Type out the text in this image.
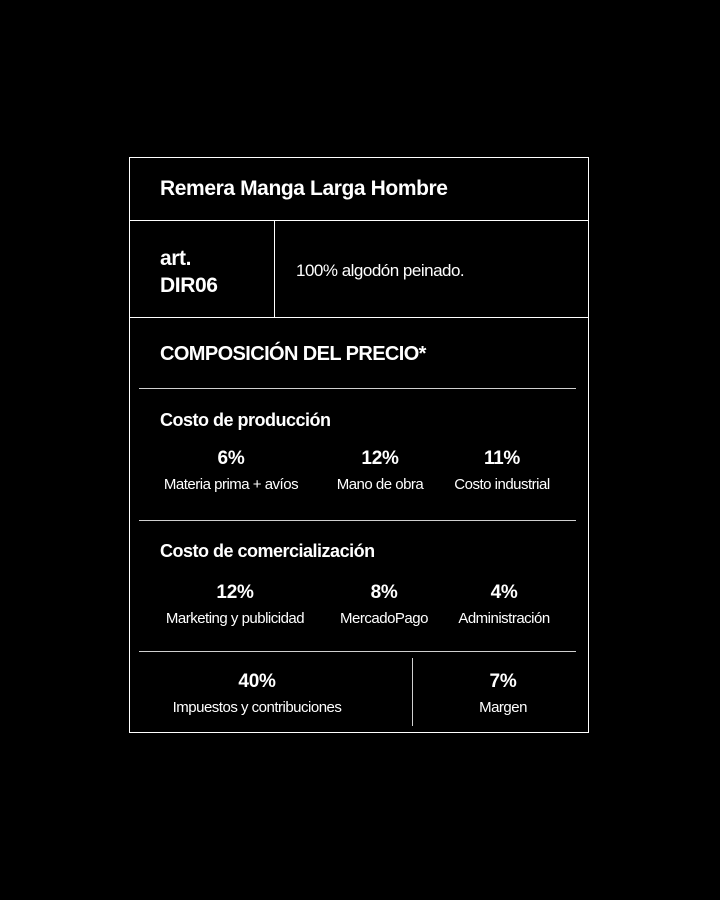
Remera Manga Larga Hombre
art.
DIR06
100% algodón peinado.
COMPOSICIÓN DEL PRECIO*
Costo de producción
6%
Materia prima + avíos
12%
Mano de obra
11%
Costo industrial
Costo de comercialización
12%
Marketing y publicidad
8%
MercadoPago
4%
Administración
40%
Impuestos y contribuciones
7%
Margen
